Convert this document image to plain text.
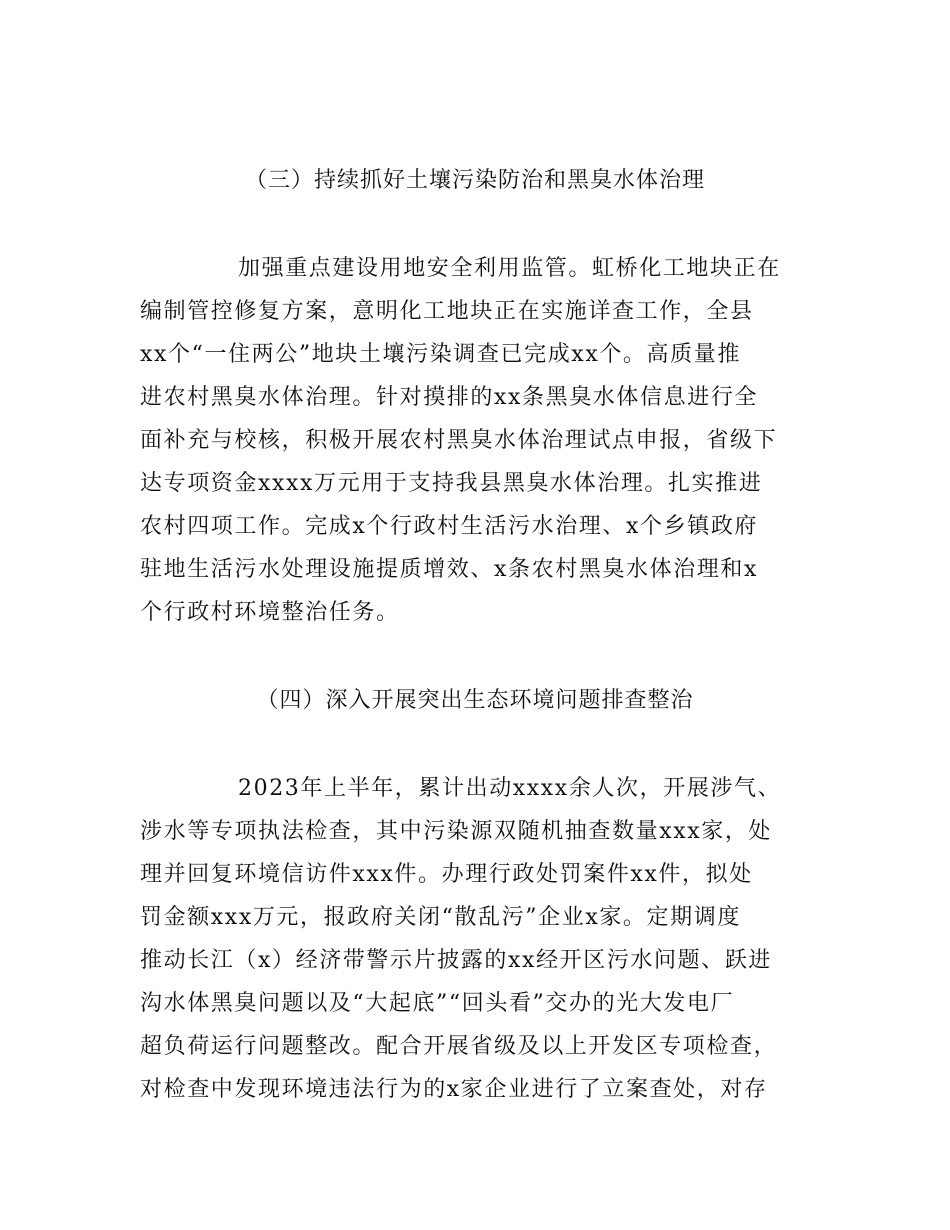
（三）持续抓好土壤污染防治和黑臭水体治理
加强重点建设用地安全利用监管。虹桥化工地块正在
编制管控修复方案，意明化工地块正在实施详查工作，全县
xx个“一住两公”地块土壤污染调查已完成xx个。高质量推
进农村黑臭水体治理。针对摸排的xx条黑臭水体信息进行全
面补充与校核，积极开展农村黑臭水体治理试点申报，省级下
达专项资金xxxx万元用于支持我县黑臭水体治理。扎实推进
农村四项工作。完成x个行政村生活污水治理、x个乡镇政府
驻地生活污水处理设施提质增效、x条农村黑臭水体治理和x
个行政村环境整治任务。
（四）深入开展突出生态环境问题排查整治
2023年上半年，累计出动xxxx余人次，开展涉气、
涉水等专项执法检查，其中污染源双随机抽查数量xxx家，处
理并回复环境信访件xxx件。办理行政处罚案件xx件，拟处
罚金额xxx万元，报政府关闭“散乱污”企业x家。定期调度
推动长江（x）经济带警示片披露的xx经开区污水问题、跃进
沟水体黑臭问题以及“大起底”“回头看”交办的光大发电厂
超负荷运行问题整改。配合开展省级及以上开发区专项检查，
对检查中发现环境违法行为的x家企业进行了立案查处，对存
